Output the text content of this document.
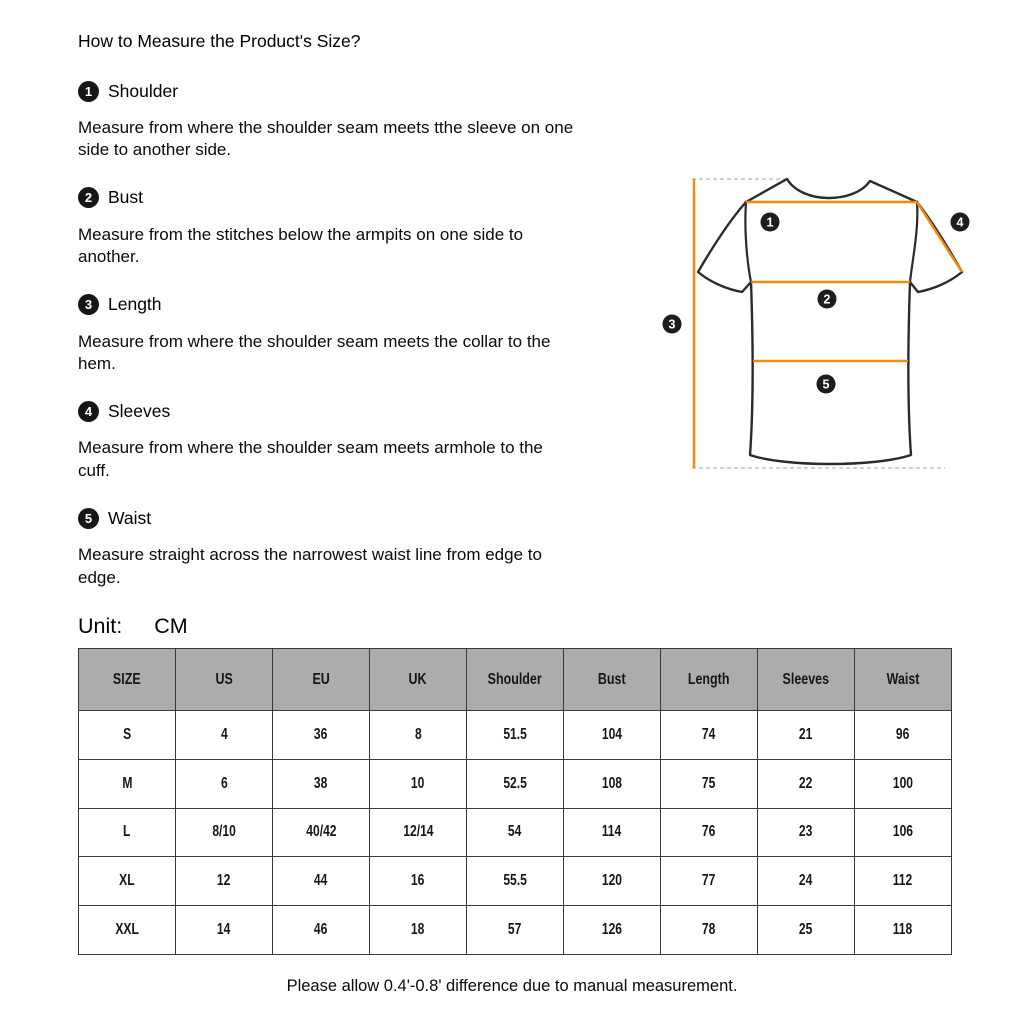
How to Measure the Product's Size?
1 Shoulder
Measure from where the shoulder seam meets tthe sleeve on one
side to another side.
2 Bust
Measure from the stitches below the armpits on one side to
another.
3 Length
Measure from where the shoulder seam meets the collar to the
hem.
4 Sleeves
Measure from where the shoulder seam meets armhole to the
cuff.
5 Waist
Measure straight across the narrowest waist line from edge to
edge.
Unit: CM
1
2
3
4
5
SIZE	US	EU	UK	Shoulder	Bust	Length	Sleeves	Waist
S	4	36	8	51.5	104	74	21	96
M	6	38	10	52.5	108	75	22	100
L	8/10	40/42	12/14	54	114	76	23	106
XL	12	44	16	55.5	120	77	24	112
XXL	14	46	18	57	126	78	25	118
Please allow 0.4'-0.8' difference due to manual measurement.
